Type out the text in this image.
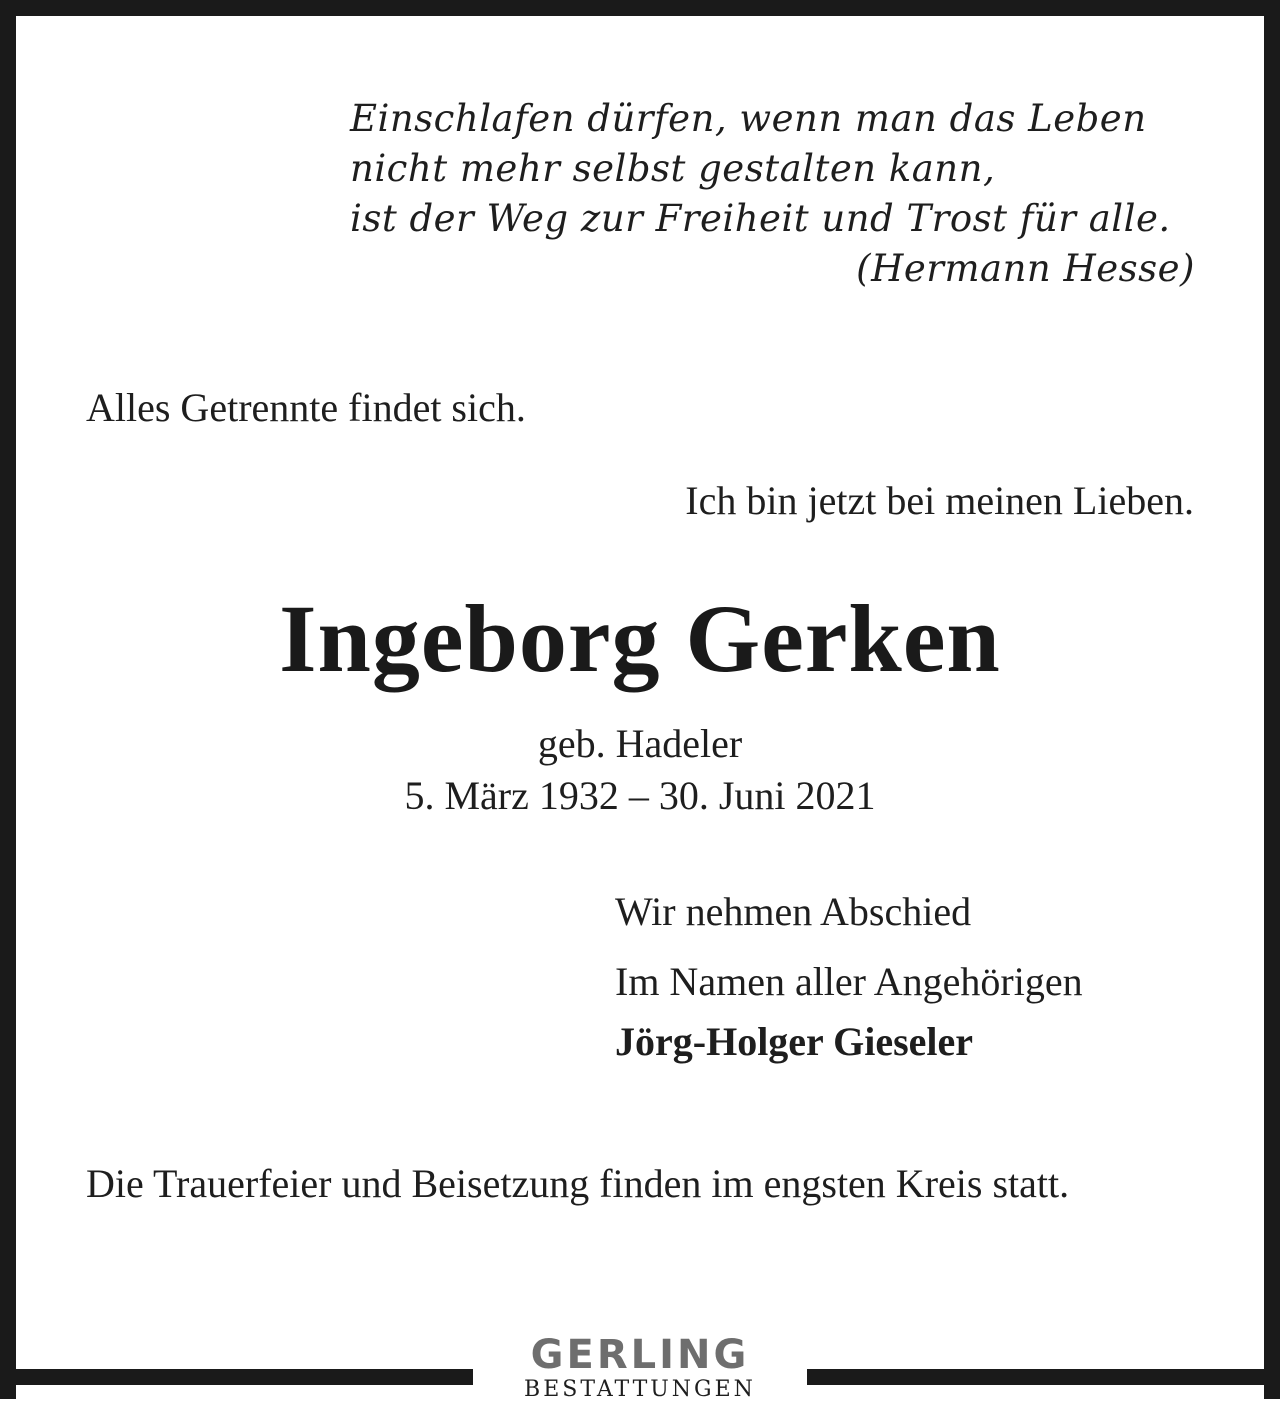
Einschlafen dürfen, wenn man das Leben
nicht mehr selbst gestalten kann,
ist der Weg zur Freiheit und Trost für alle.
(Hermann Hesse)
Alles Getrennte findet sich.
Ich bin jetzt bei meinen Lieben.
Ingeborg Gerken
geb. Hadeler
5. März 1932 – 30. Juni 2021
Wir nehmen Abschied
Im Namen aller Angehörigen
Jörg-Holger Gieseler
Die Trauerfeier und Beisetzung finden im engsten Kreis statt.
GERLING
BESTATTUNGEN
